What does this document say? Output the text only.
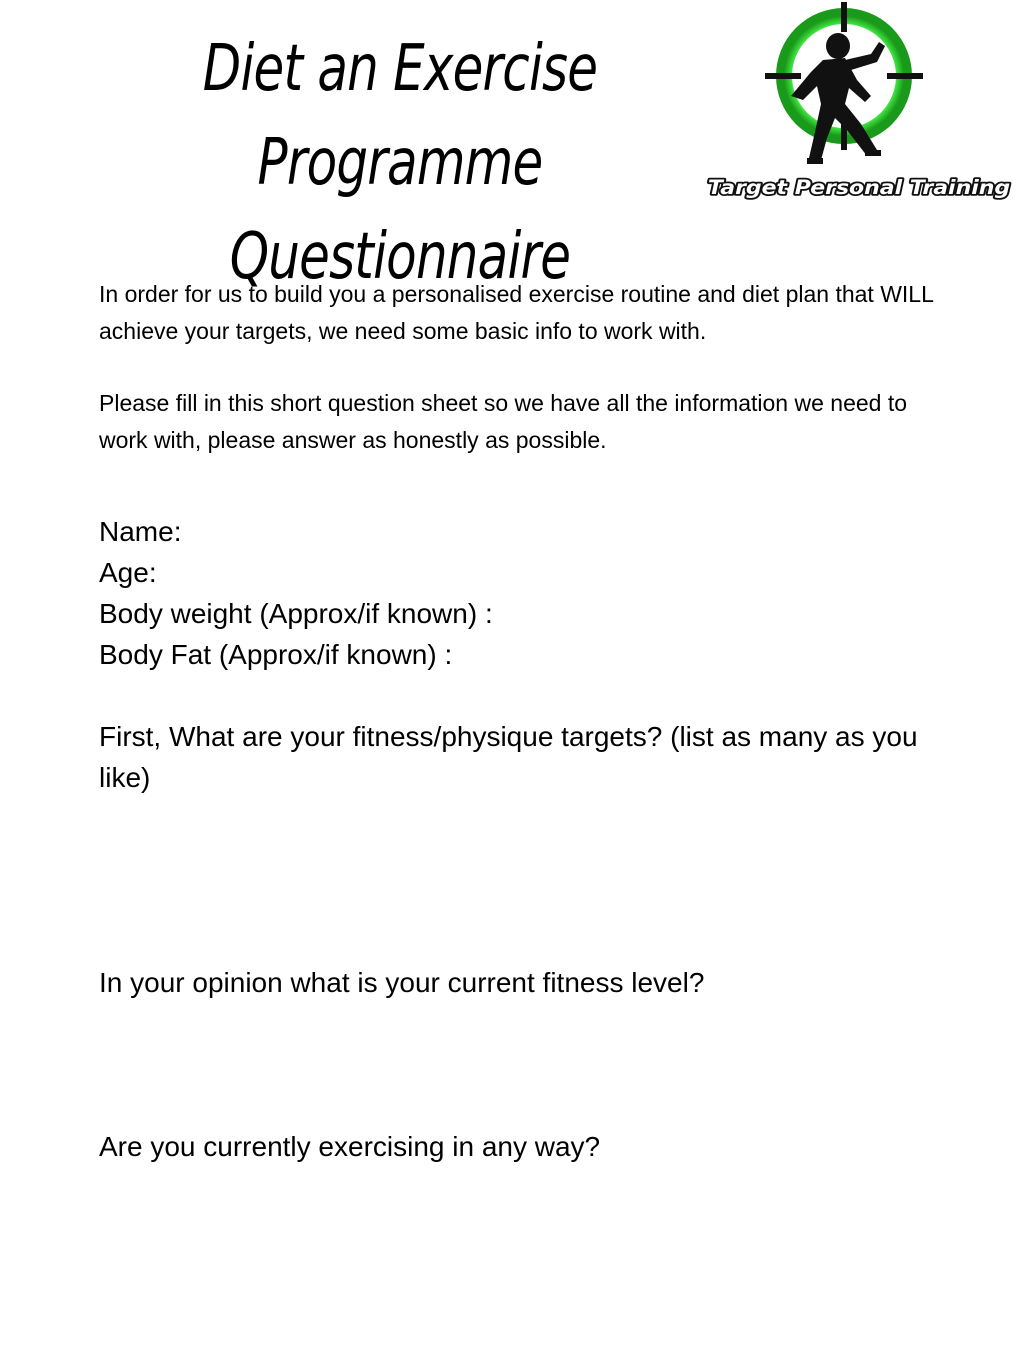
Diet an Exercise Programme
Questionnaire
Target Personal Training

In order for us to build you a personalised exercise routine and diet plan that WILL achieve your targets, we need some basic info to work with.

Please fill in this short question sheet so we have all the information we need to work with, please answer as honestly as possible.

Name:
Age:
Body weight (Approx/if known) :
Body Fat (Approx/if known) :

First, What are your fitness/physique targets? (list as many as you like)

In your opinion what is your current fitness level?

Are you currently exercising in any way?
